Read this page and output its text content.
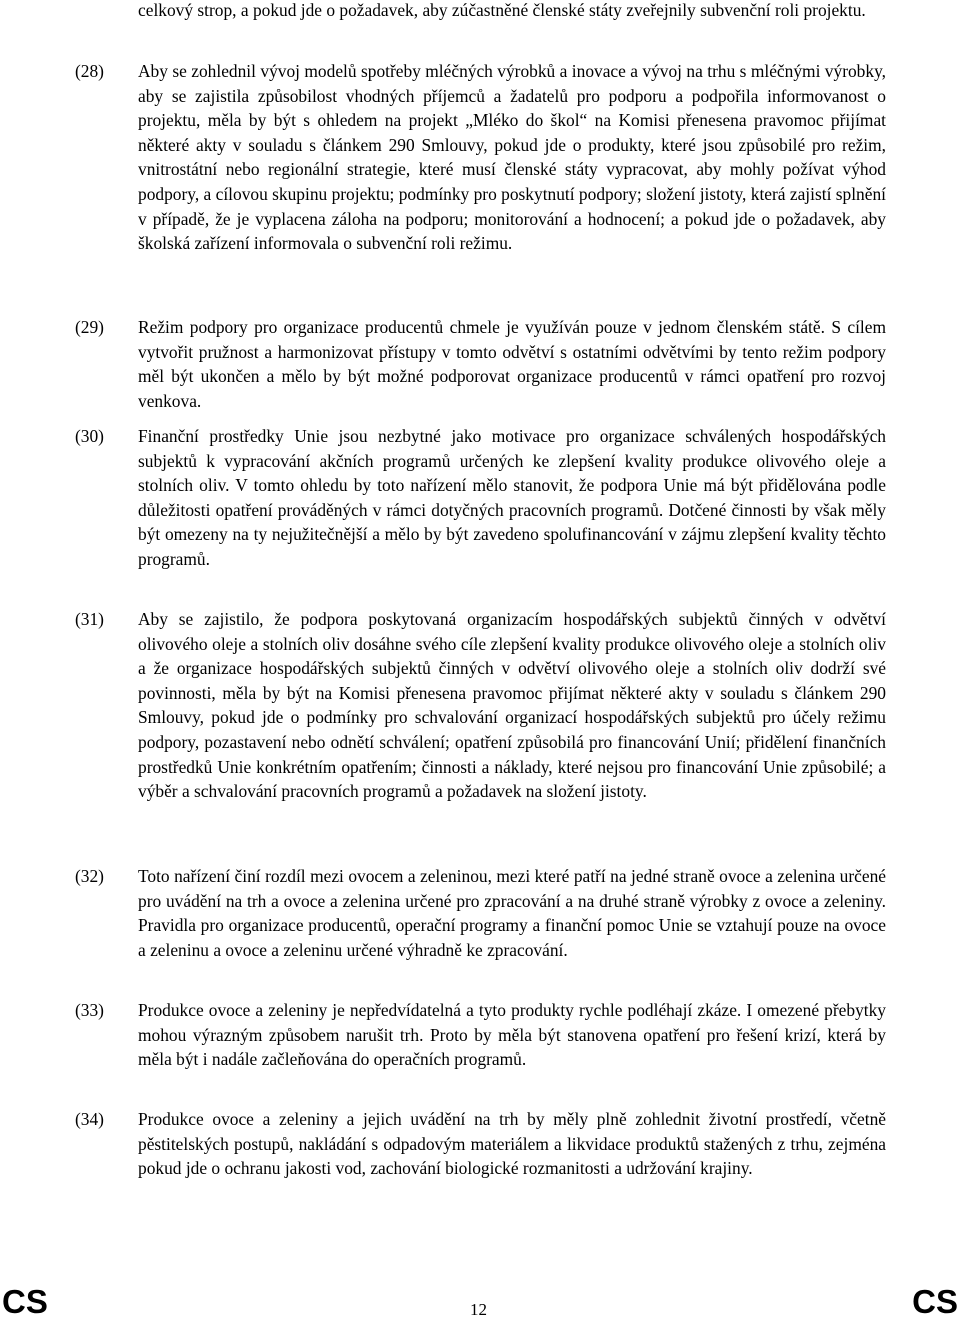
celkový strop, a pokud jde o požadavek, aby zúčastněné členské státy zveřejnily subvenční roli projektu.
(28) Aby se zohlednil vývoj modelů spotřeby mléčných výrobků a inovace a vývoj na trhu s mléčnými výrobky, aby se zajistila způsobilost vhodných příjemců a žadatelů pro podporu a podpořila informovanost o projektu, měla by být s ohledem na projekt „Mléko do škol“ na Komisi přenesena pravomoc přijímat některé akty v souladu s článkem 290 Smlouvy, pokud jde o produkty, které jsou způsobilé pro režim, vnitrostátní nebo regionální strategie, které musí členské státy vypracovat, aby mohly požívat výhod podpory, a cílovou skupinu projektu; podmínky pro poskytnutí podpory; složení jistoty, která zajistí splnění v případě, že je vyplacena záloha na podporu; monitorování a hodnocení; a pokud jde o požadavek, aby školská zařízení informovala o subvenční roli režimu.
(29) Režim podpory pro organizace producentů chmele je využíván pouze v jednom členském státě. S cílem vytvořit pružnost a harmonizovat přístupy v tomto odvětví s ostatními odvětvími by tento režim podpory měl být ukončen a mělo by být možné podporovat organizace producentů v rámci opatření pro rozvoj venkova.
(30) Finanční prostředky Unie jsou nezbytné jako motivace pro organizace schválených hospodářských subjektů k vypracování akčních programů určených ke zlepšení kvality produkce olivového oleje a stolních oliv. V tomto ohledu by toto nařízení mělo stanovit, že podpora Unie má být přidělována podle důležitosti opatření prováděných v rámci dotyčných pracovních programů. Dotčené činnosti by však měly být omezeny na ty nejužitečnější a mělo by být zavedeno spolufinancování v zájmu zlepšení kvality těchto programů.
(31) Aby se zajistilo, že podpora poskytovaná organizacím hospodářských subjektů činných v odvětví olivového oleje a stolních oliv dosáhne svého cíle zlepšení kvality produkce olivového oleje a stolních oliv a že organizace hospodářských subjektů činných v odvětví olivového oleje a stolních oliv dodrží své povinnosti, měla by být na Komisi přenesena pravomoc přijímat některé akty v souladu s článkem 290 Smlouvy, pokud jde o podmínky pro schvalování organizací hospodářských subjektů pro účely režimu podpory, pozastavení nebo odnětí schválení; opatření způsobilá pro financování Unií; přidělení finančních prostředků Unie konkrétním opatřením; činnosti a náklady, které nejsou pro financování Unie způsobilé; a výběr a schvalování pracovních programů a požadavek na složení jistoty.
(32) Toto nařízení činí rozdíl mezi ovocem a zeleninou, mezi které patří na jedné straně ovoce a zelenina určené pro uvádění na trh a ovoce a zelenina určené pro zpracování a na druhé straně výrobky z ovoce a zeleniny. Pravidla pro organizace producentů, operační programy a finanční pomoc Unie se vztahují pouze na ovoce a zeleninu a ovoce a zeleninu určené výhradně ke zpracování.
(33) Produkce ovoce a zeleniny je nepředvídatelná a tyto produkty rychle podléhají zkáze. I omezené přebytky mohou výrazným způsobem narušit trh. Proto by měla být stanovena opatření pro řešení krizí, která by měla být i nadále začleňována do operačních programů.
(34) Produkce ovoce a zeleniny a jejich uvádění na trh by měly plně zohlednit životní prostředí, včetně pěstitelských postupů, nakládání s odpadovým materiálem a likvidace produktů stažených z trhu, zejména pokud jde o ochranu jakosti vod, zachování biologické rozmanitosti a udržování krajiny.
CS	12	CS
